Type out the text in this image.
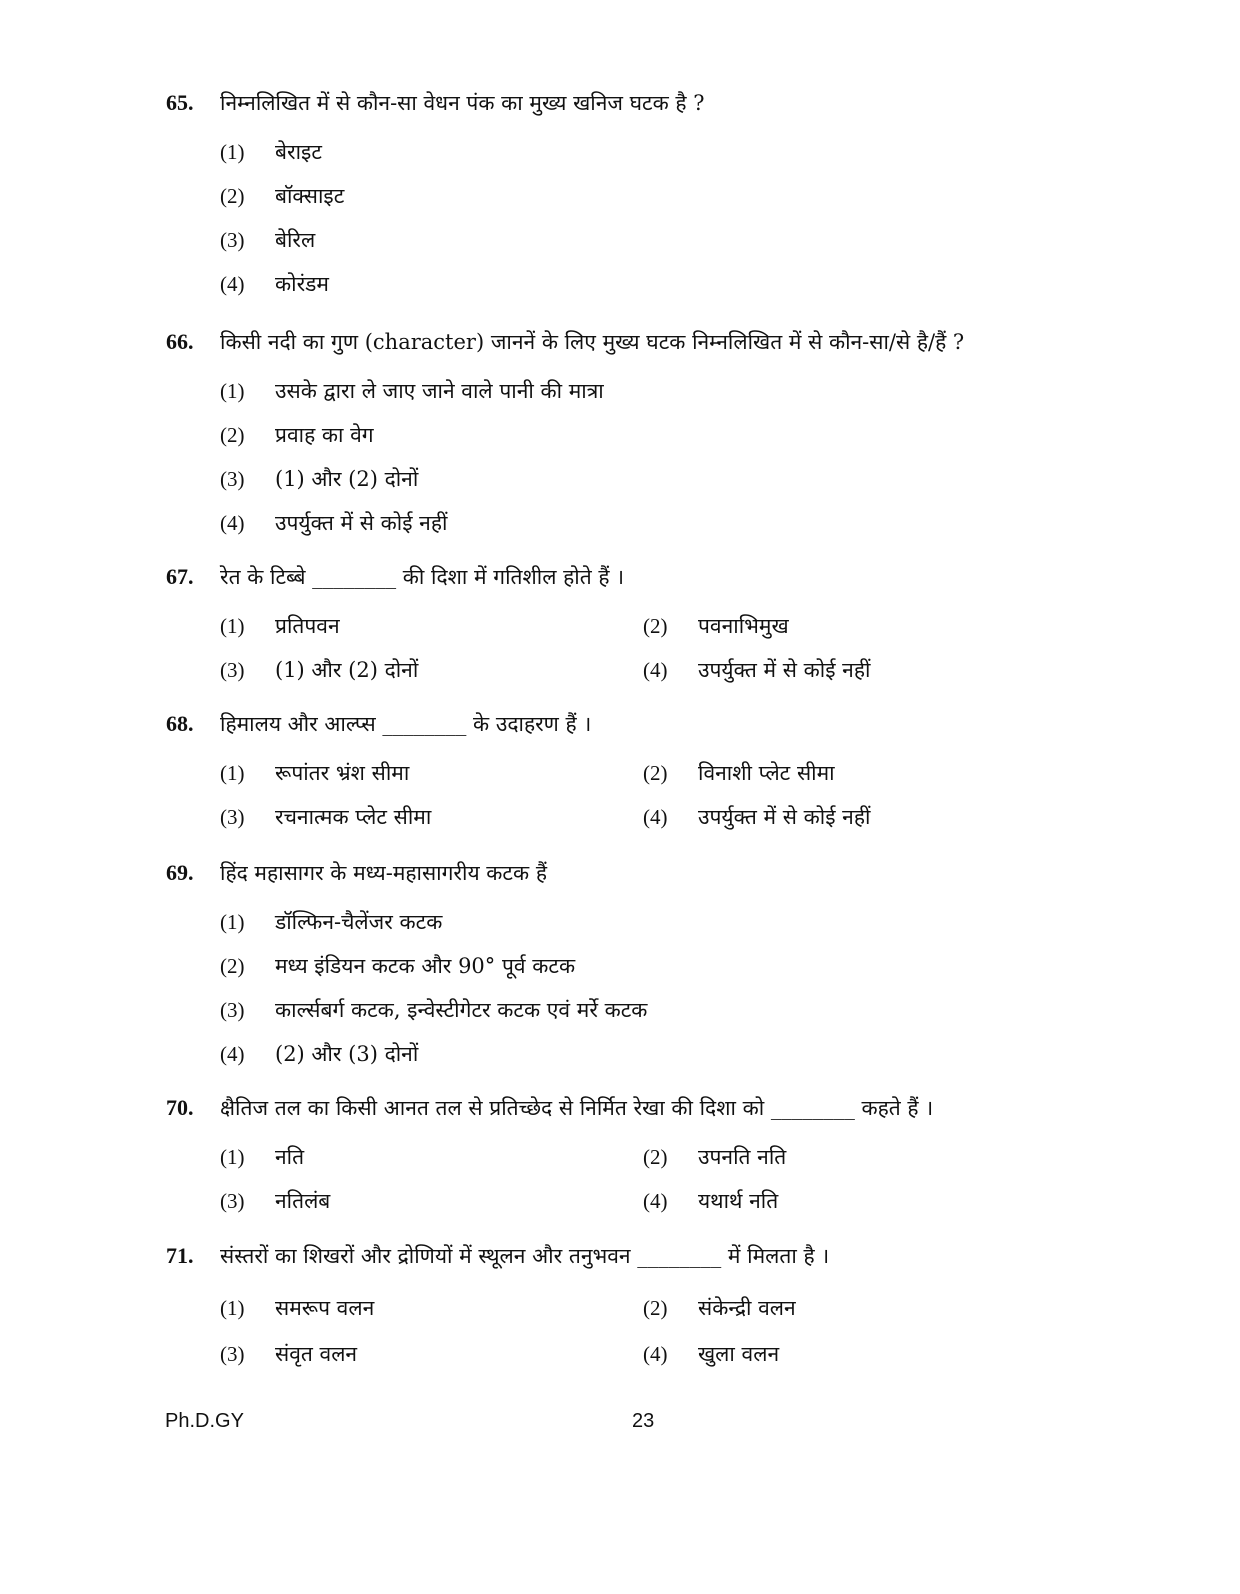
65.	निम्नलिखित में से कौन-सा वेधन पंक का मुख्य खनिज घटक है ?
(1)	बेराइट
(2)	बॉक्साइट
(3)	बेरिल
(4)	कोरंडम
66.	किसी नदी का गुण (character) जाननें के लिए मुख्य घटक निम्नलिखित में से कौन-सा/से है/हैं ?
(1)	उसके द्वारा ले जाए जाने वाले पानी की मात्रा
(2)	प्रवाह का वेग
(3)	(1) और (2) दोनों
(4)	उपर्युक्त में से कोई नहीं
67.	रेत के टिब्बे ________ की दिशा में गतिशील होते हैं ।
(1)	प्रतिपवन	(2)	पवनाभिमुख
(3)	(1) और (2) दोनों	(4)	उपर्युक्त में से कोई नहीं
68.	हिमालय और आल्प्स ________ के उदाहरण हैं ।
(1)	रूपांतर भ्रंश सीमा	(2)	विनाशी प्लेट सीमा
(3)	रचनात्मक प्लेट सीमा	(4)	उपर्युक्त में से कोई नहीं
69.	हिंद महासागर के मध्य-महासागरीय कटक हैं
(1)	डॉल्फिन-चैलेंजर कटक
(2)	मध्य इंडियन कटक और 90° पूर्व कटक
(3)	कार्ल्सबर्ग कटक, इन्वेस्टीगेटर कटक एवं मर्रे कटक
(4)	(2) और (3) दोनों
70.	क्षैतिज तल का किसी आनत तल से प्रतिच्छेद से निर्मित रेखा की दिशा को ________ कहते हैं ।
(1)	नति	(2)	उपनति नति
(3)	नतिलंब	(4)	यथार्थ नति
71.	संस्तरों का शिखरों और द्रोणियों में स्थूलन और तनुभवन ________ में मिलता है ।
(1)	समरूप वलन	(2)	संकेन्द्री वलन
(3)	संवृत वलन	(4)	खुला वलन
Ph.D.GY	23
